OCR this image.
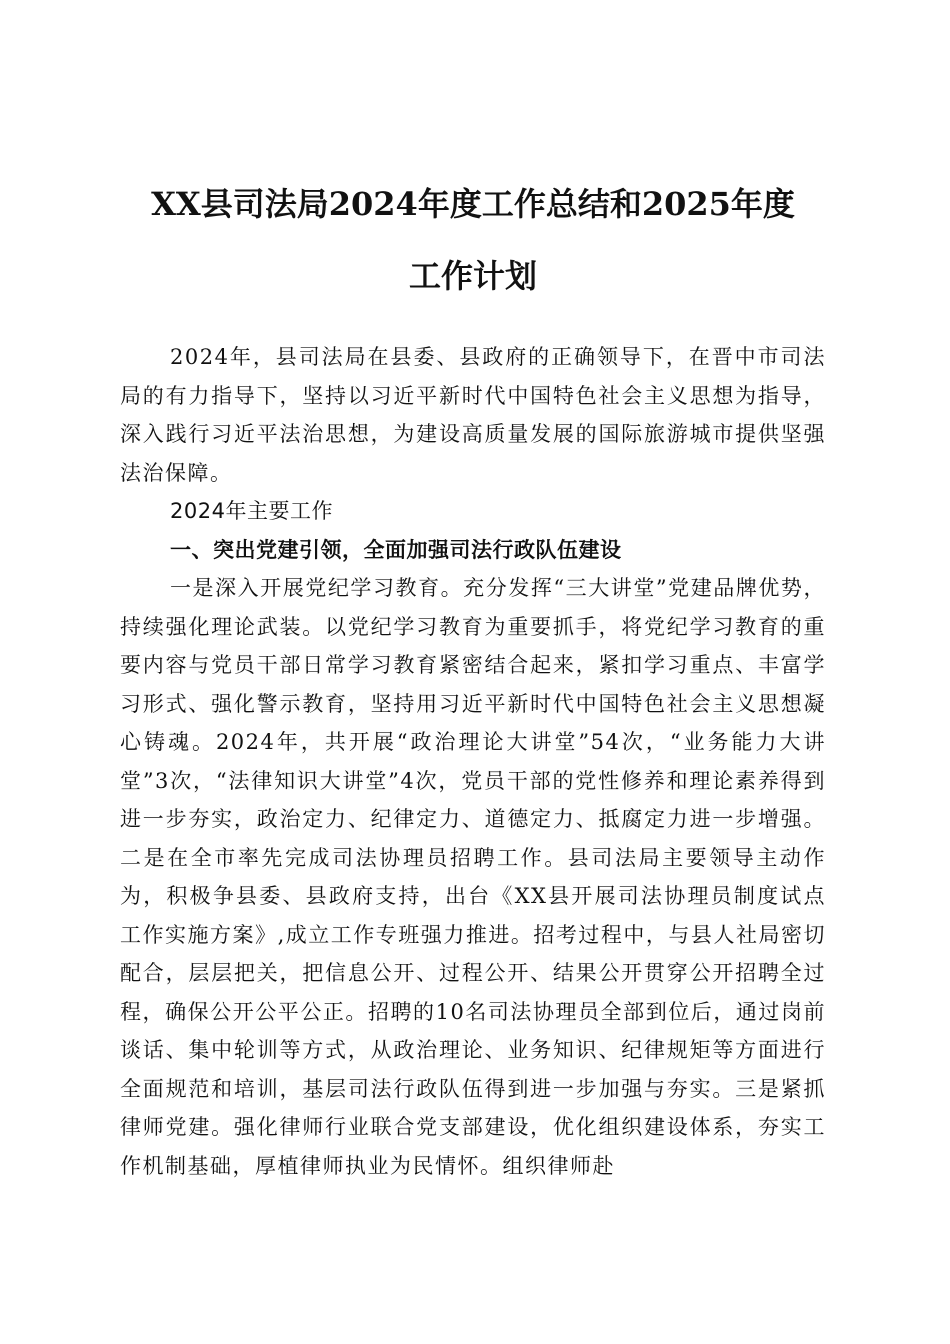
XX县司法局2024年度工作总结和2025年度
工作计划

2024年，县司法局在县委、县政府的正确领导下，在晋中市司法局的有力指导下，坚持以习近平新时代中国特色社会主义思想为指导，深入践行习近平法治思想，为建设高质量发展的国际旅游城市提供坚强法治保障。

2024年主要工作

一、突出党建引领，全面加强司法行政队伍建设

一是深入开展党纪学习教育。充分发挥“三大讲堂”党建品牌优势，持续强化理论武装。以党纪学习教育为重要抓手，将党纪学习教育的重要内容与党员干部日常学习教育紧密结合起来，紧扣学习重点、丰富学习形式、强化警示教育，坚持用习近平新时代中国特色社会主义思想凝心铸魂。2024年，共开展“政治理论大讲堂”54次，“业务能力大讲堂”3次，“法律知识大讲堂”4次，党员干部的党性修养和理论素养得到进一步夯实，政治定力、纪律定力、道德定力、抵腐定力进一步增强。二是在全市率先完成司法协理员招聘工作。县司法局主要领导主动作为，积极争县委、县政府支持，出台《XX县开展司法协理员制度试点工作实施方案》,成立工作专班强力推进。招考过程中，与县人社局密切配合，层层把关，把信息公开、过程公开、结果公开贯穿公开招聘全过程，确保公开公平公正。招聘的10名司法协理员全部到位后，通过岗前谈话、集中轮训等方式，从政治理论、业务知识、纪律规矩等方面进行全面规范和培训，基层司法行政队伍得到进一步加强与夯实。三是紧抓律师党建。强化律师行业联合党支部建设，优化组织建设体系，夯实工作机制基础，厚植律师执业为民情怀。组织律师赴
